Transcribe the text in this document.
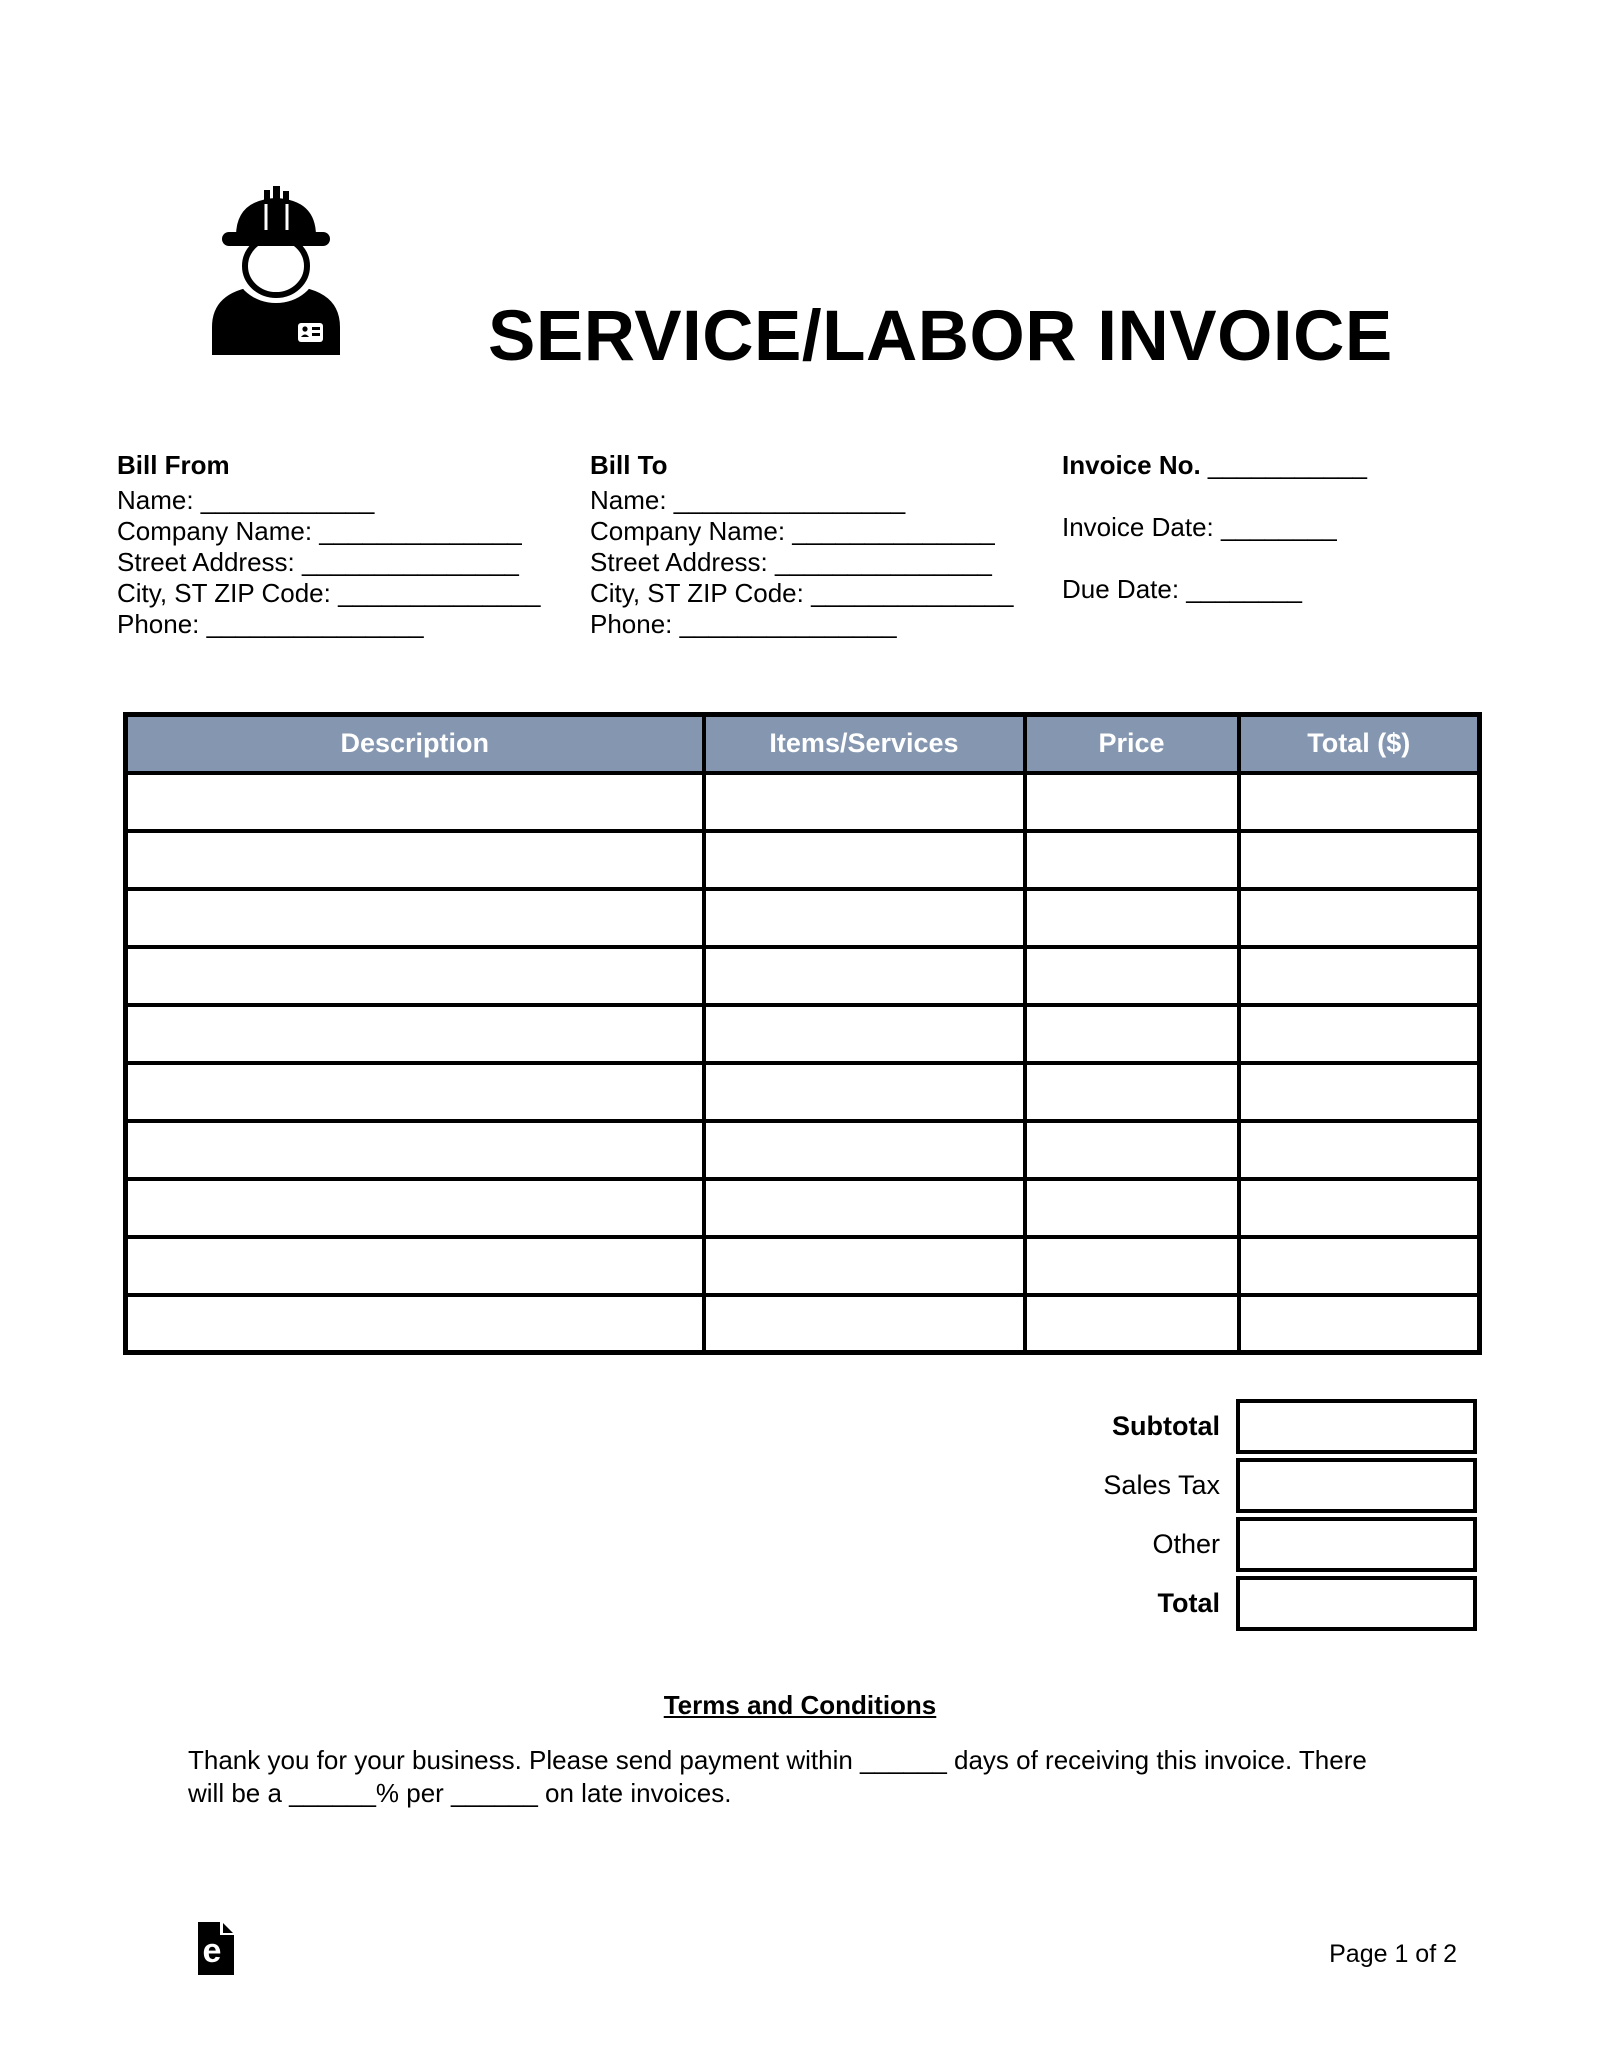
SERVICE/LABOR INVOICE
Bill From
Name: ____________
Company Name: ______________
Street Address: _______________
City, ST ZIP Code: ______________
Phone: _______________
Bill To
Name: ________________
Company Name: ______________
Street Address: _______________
City, ST ZIP Code: ______________
Phone: _______________
Invoice No. ___________
Invoice Date: ________
Due Date: ________
Description	Items/Services	Price	Total ($)

Subtotal
Sales Tax
Other
Total
Terms and Conditions
Thank you for your business. Please send payment within ______ days of receiving this invoice. There will be a ______% per ______ on late invoices.
e	Page 1 of 2
